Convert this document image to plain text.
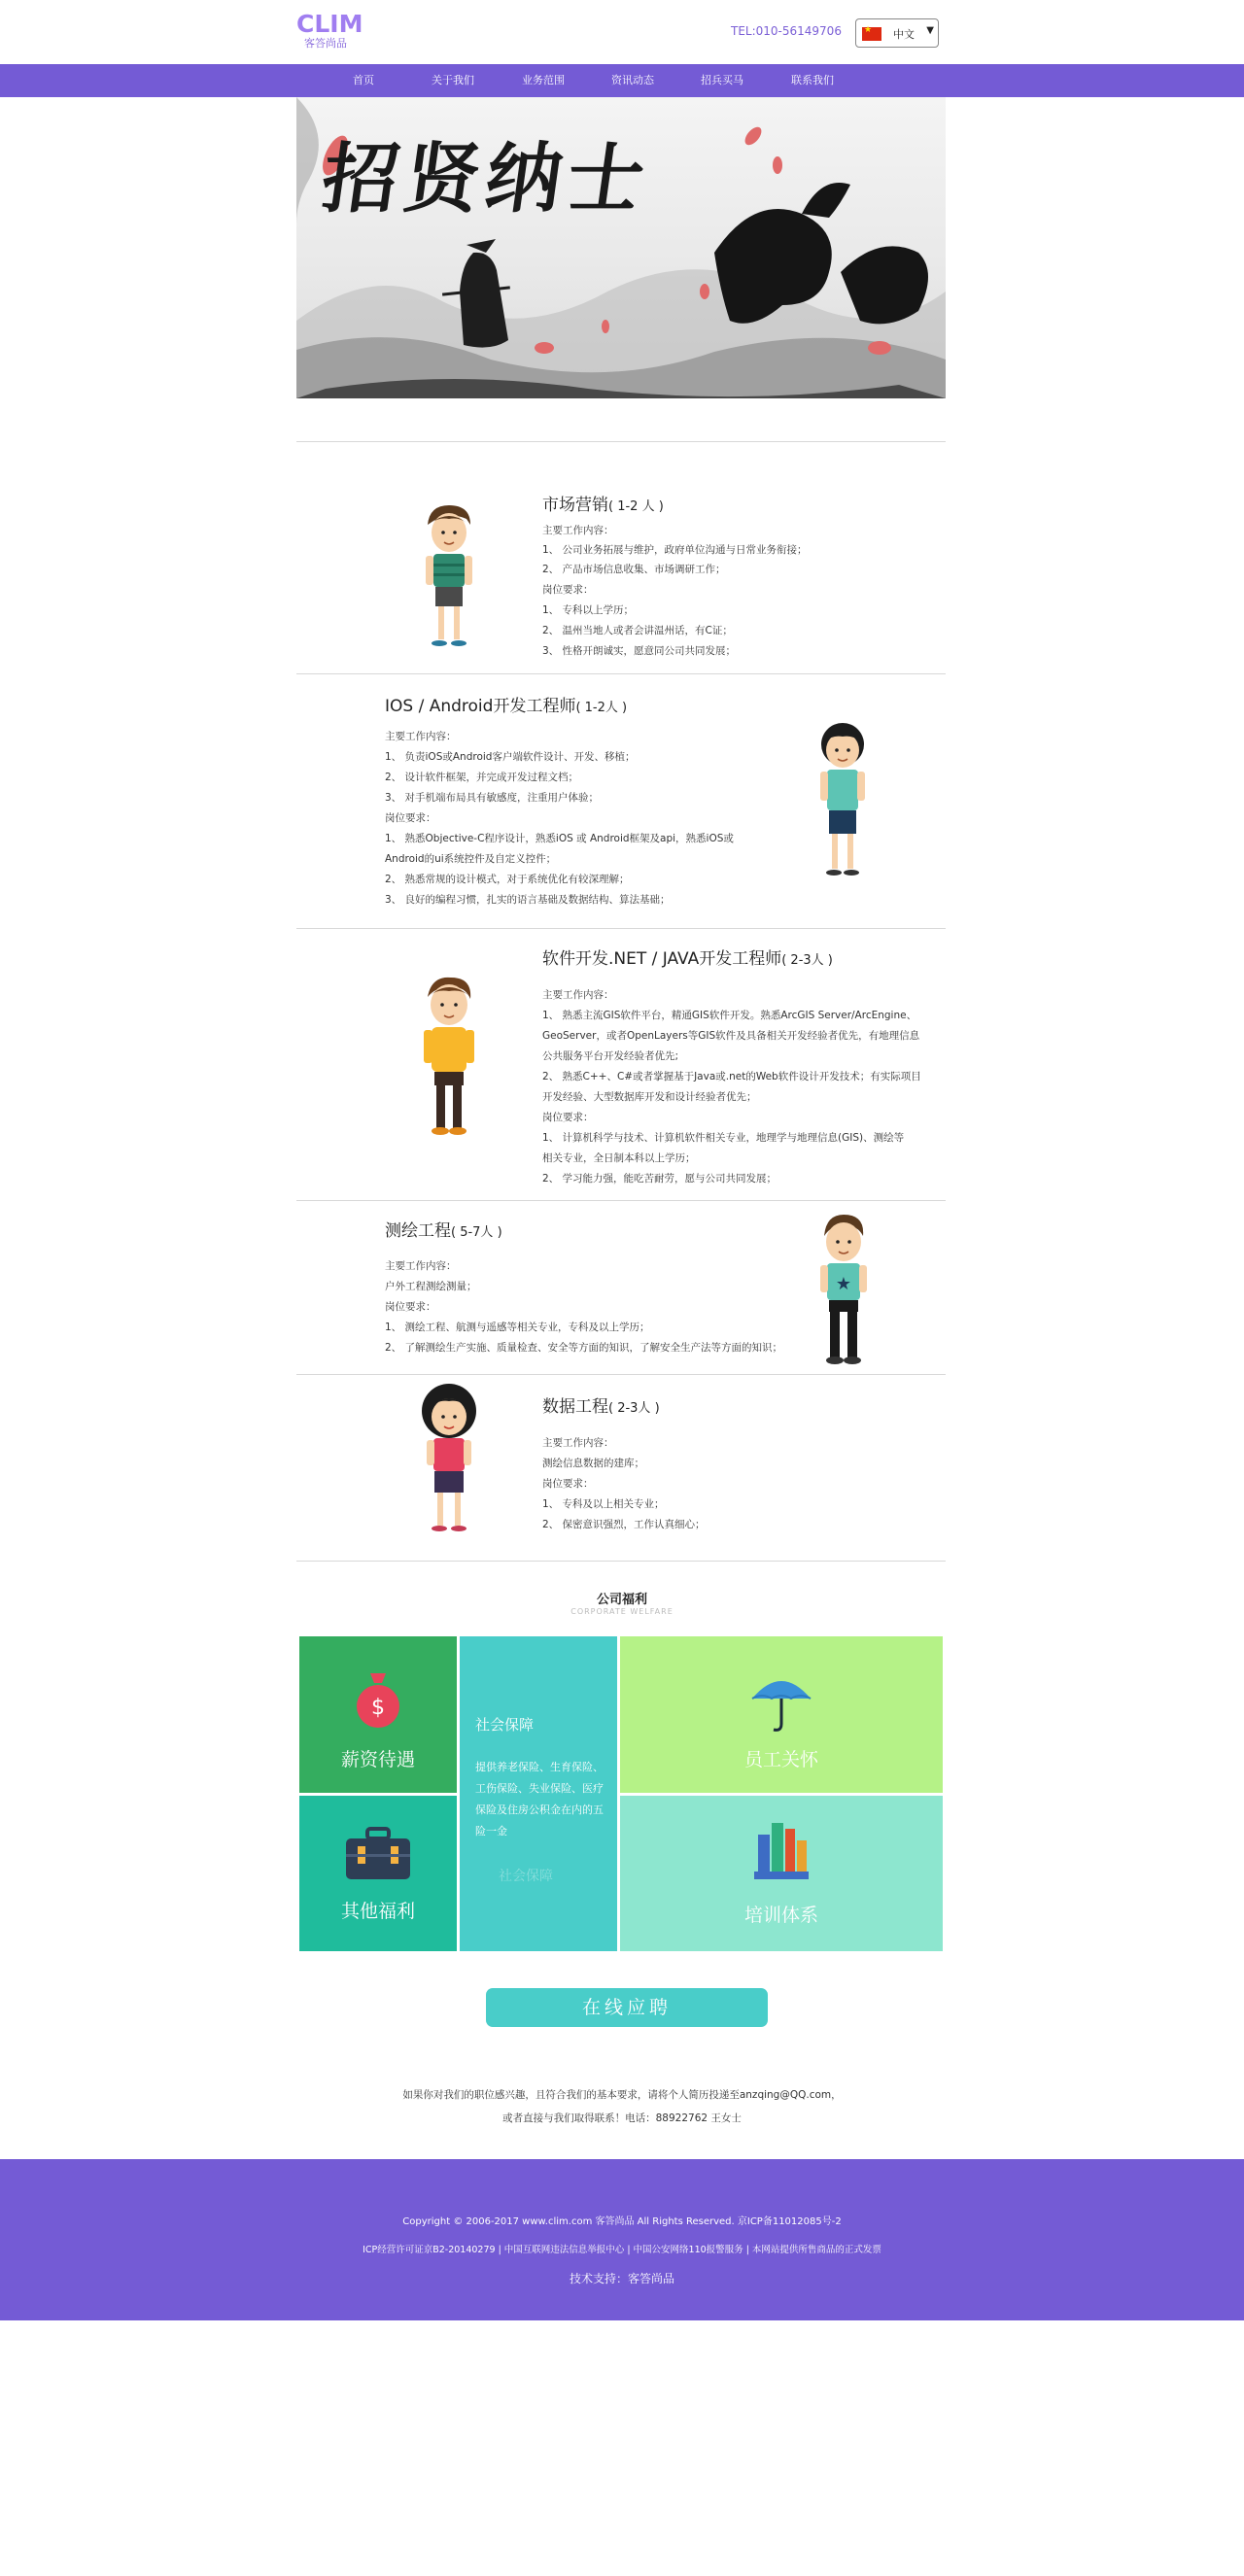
CLIM
客答尚品
TEL:010-56149706	★ 中文 ▼
首页	关于我们	业务范围	资讯动态	招兵买马	联系我们
招贤纳士
市场营销( 1-2 人 )
主要工作内容：
1、 公司业务拓展与维护，政府单位沟通与日常业务衔接；
2、 产品市场信息收集、市场调研工作；
岗位要求：
1、 专科以上学历；
2、 温州当地人或者会讲温州话，有C证；
3、 性格开朗诚实，愿意同公司共同发展；
IOS / Android开发工程师( 1-2人 )
主要工作内容：
1、 负责iOS或Android客户端软件设计、开发、移植；
2、 设计软件框架，并完成开发过程文档；
3、 对手机端布局具有敏感度，注重用户体验；
岗位要求：
1、 熟悉Objective-C程序设计，熟悉iOS 或 Android框架及api，熟悉iOS或
Android的ui系统控件及自定义控件；
2、 熟悉常规的设计模式，对于系统优化有较深理解；
3、 良好的编程习惯，扎实的语言基础及数据结构、算法基础；
软件开发.NET / JAVA开发工程师( 2-3人 )
主要工作内容：
1、 熟悉主流GIS软件平台，精通GIS软件开发。熟悉ArcGIS Server/ArcEngine、
GeoServer，或者OpenLayers等GIS软件及具备相关开发经验者优先，有地理信息
公共服务平台开发经验者优先;
2、 熟悉C++、C#或者掌握基于Java或.net的Web软件设计开发技术；有实际项目
开发经验、大型数据库开发和设计经验者优先；
岗位要求：
1、 计算机科学与技术、计算机软件相关专业，地理学与地理信息(GIS)、测绘等
相关专业，全日制本科以上学历；
2、 学习能力强，能吃苦耐劳，愿与公司共同发展；
测绘工程( 5-7人 )
主要工作内容：
户外工程测绘测量；
岗位要求：
1、 测绘工程、航测与遥感等相关专业，专科及以上学历；
2、 了解测绘生产实施、质量检查、安全等方面的知识，了解安全生产法等方面的知识；
★
数据工程( 2-3人 )
主要工作内容：
测绘信息数据的建库；
岗位要求：
1、 专科及以上相关专业；
2、 保密意识强烈，工作认真细心；
公司福利
CORPORATE WELFARE
$
薪资待遇
社会保障
提供养老保险、生育保险、
工伤保险、失业保险、医疗
保险及住房公积金在内的五
险一金
社会保障
员工关怀
其他福利	培训体系
在线应聘
如果你对我们的职位感兴趣，且符合我们的基本要求，请将个人简历投递至anzqing@QQ.com，
或者直接与我们取得联系！电话：88922762 王女士
Copyright © 2006-2017 www.clim.com 客答尚品 All Rights Reserved. 京ICP备11012085号-2
ICP经营许可证京B2-20140279 | 中国互联网违法信息举报中心 | 中国公安网络110报警服务 | 本网站提供所售商品的正式发票
技术支持：客答尚品
